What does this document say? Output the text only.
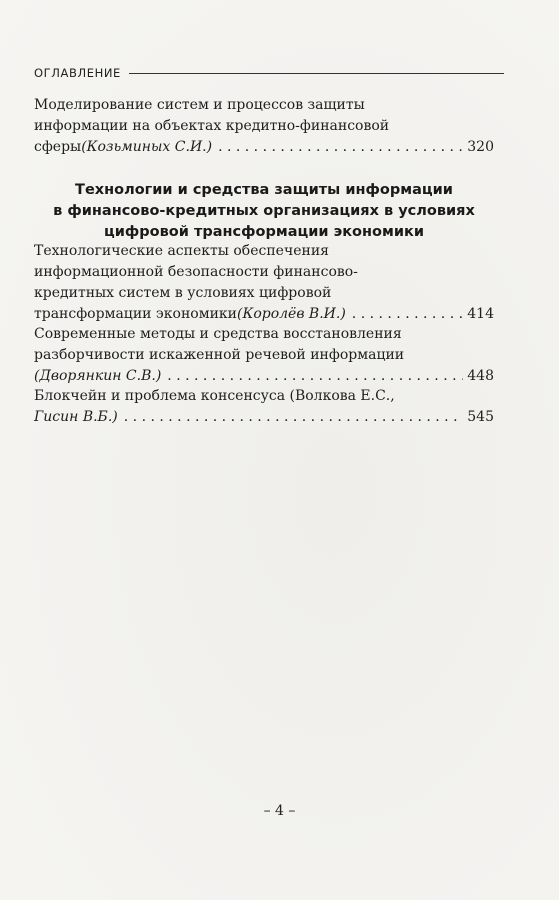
ОГЛАВЛЕНИЕ
Моделирование систем и процессов защиты
информации на объектах кредитно-финансовой
сферы (Козьминых С.И.) . . .	320
Технологии и средства защиты информации
в финансово-кредитных организациях в условиях
цифровой трансформации экономики
Технологические аспекты обеспечения
информационной безопасности финансово-
кредитных систем в условиях цифровой
трансформации экономики (Королёв В.И.) . . .	414
Современные методы и средства восстановления
разборчивости искаженной речевой информации
(Дворянкин С.В.) . . .	448
Блокчейн и проблема консенсуса (Волкова Е.С.,
Гисин В.Б.) . . .	545
– 4 –
